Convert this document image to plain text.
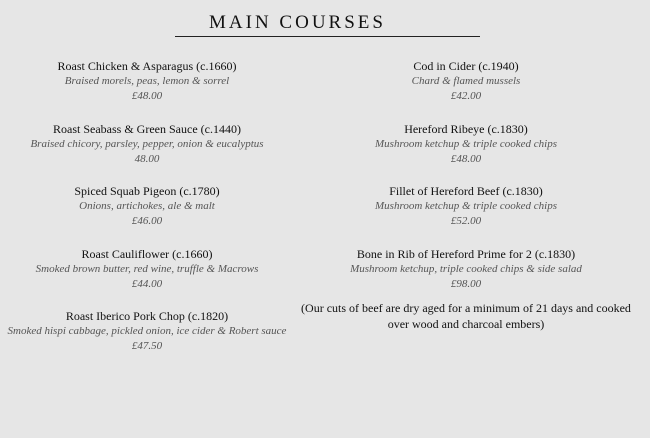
MAIN COURSES
Roast Chicken & Asparagus (c.1660)
Braised morels, peas, lemon & sorrel
£48.00
Roast Seabass & Green Sauce (c.1440)
Braised chicory, parsley, pepper, onion & eucalyptus
48.00
Spiced Squab Pigeon (c.1780)
Onions, artichokes, ale & malt
£46.00
Roast Cauliflower (c.1660)
Smoked brown butter, red wine, truffle & Macrows
£44.00
Roast Iberico Pork Chop (c.1820)
Smoked hispi cabbage, pickled onion, ice cider & Robert sauce
£47.50
Cod in Cider (c.1940)
Chard & flamed mussels
£42.00
Hereford Ribeye (c.1830)
Mushroom ketchup & triple cooked chips
£48.00
Fillet of Hereford Beef (c.1830)
Mushroom ketchup & triple cooked chips
£52.00
Bone in Rib of Hereford Prime for 2 (c.1830)
Mushroom ketchup, triple cooked chips & side salad
£98.00
(Our cuts of beef are dry aged for a minimum of 21 days and cooked over wood and charcoal embers)
